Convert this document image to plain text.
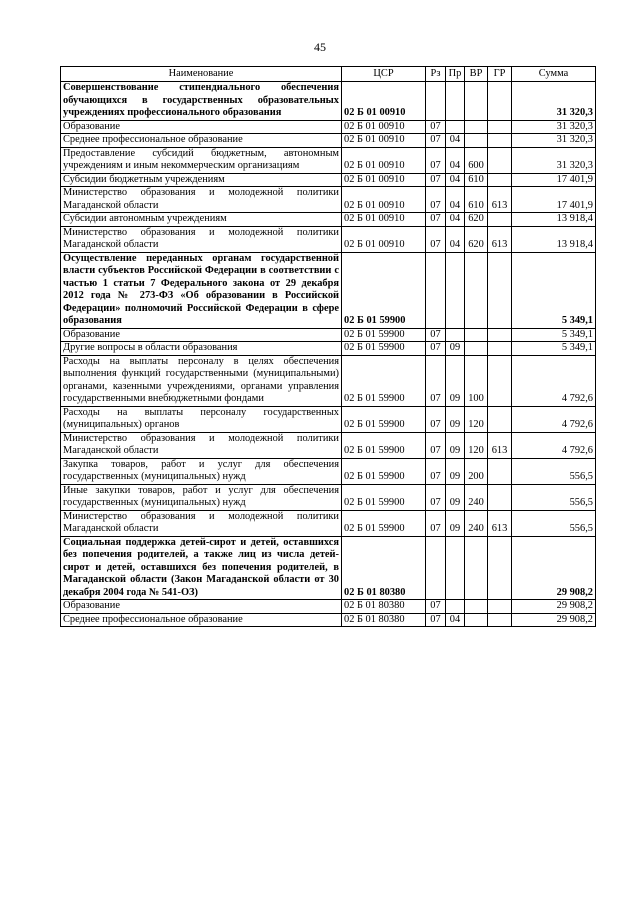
45
Наименование	ЦСР	Рз	Пр	ВР	ГР	Сумма
Совершенствование стипендиального обеспечения обучающихся в государственных образовательных учреждениях профессионального образования	02 Б 01 00910					31 320,3
Образование	02 Б 01 00910	07				31 320,3
Среднее профессиональное образование	02 Б 01 00910	07	04			31 320,3
Предоставление субсидий бюджетным, автономным учреждениям и иным некоммерческим организациям	02 Б 01 00910	07	04	600		31 320,3
Субсидии бюджетным учреждениям	02 Б 01 00910	07	04	610		17 401,9
Министерство образования и молодежной политики Магаданской области	02 Б 01 00910	07	04	610	613	17 401,9
Субсидии автономным учреждениям	02 Б 01 00910	07	04	620		13 918,4
Министерство образования и молодежной политики Магаданской области	02 Б 01 00910	07	04	620	613	13 918,4
Осуществление переданных органам государственной власти субъектов Российской Федерации в соответствии с частью 1 статьи 7 Федерального закона от 29 декабря 2012 года № 273-ФЗ «Об образовании в Российской Федерации» полномочий Российской Федерации в сфере образования	02 Б 01 59900					5 349,1
Образование	02 Б 01 59900	07				5 349,1
Другие вопросы в области образования	02 Б 01 59900	07	09			5 349,1
Расходы на выплаты персоналу в целях обеспечения выполнения функций государственными (муниципальными) органами, казенными учреждениями, органами управления государственными внебюджетными фондами	02 Б 01 59900	07	09	100		4 792,6
Расходы на выплаты персоналу государственных (муниципальных) органов	02 Б 01 59900	07	09	120		4 792,6
Министерство образования и молодежной политики Магаданской области	02 Б 01 59900	07	09	120	613	4 792,6
Закупка товаров, работ и услуг для обеспечения государственных (муниципальных) нужд	02 Б 01 59900	07	09	200		556,5
Иные закупки товаров, работ и услуг для обеспечения государственных (муниципальных) нужд	02 Б 01 59900	07	09	240		556,5
Министерство образования и молодежной политики Магаданской области	02 Б 01 59900	07	09	240	613	556,5
Социальная поддержка детей-сирот и детей, оставшихся без попечения родителей, а также лиц из числа детей-сирот и детей, оставшихся без попечения родителей, в Магаданской области (Закон Магаданской области от 30 декабря 2004 года № 541-ОЗ)	02 Б 01 80380					29 908,2
Образование	02 Б 01 80380	07				29 908,2
Среднее профессиональное образование	02 Б 01 80380	07	04			29 908,2
